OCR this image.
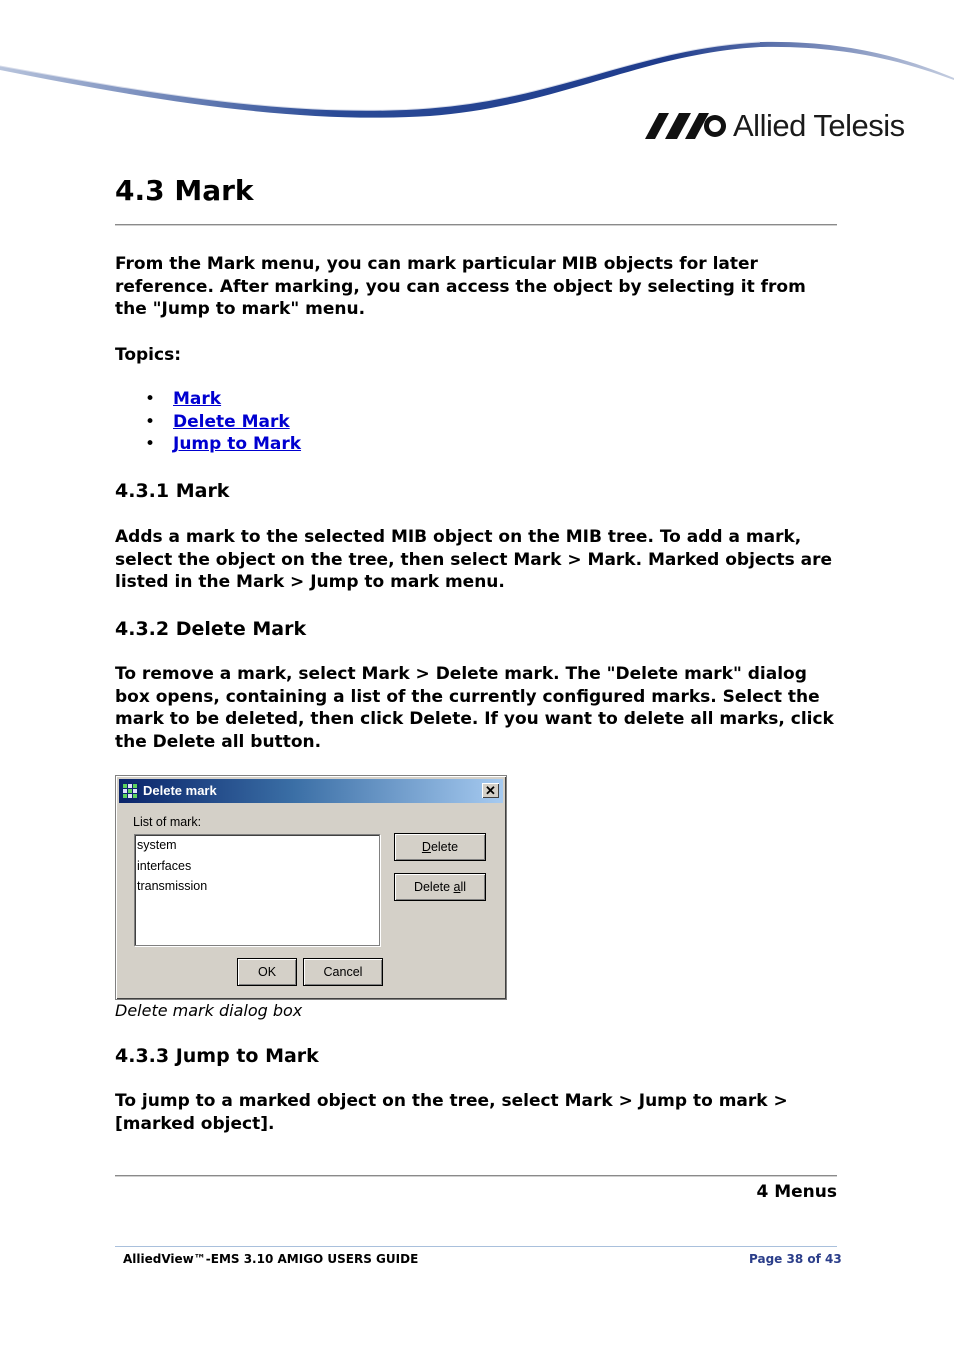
Allied Telesis
4.3 Mark

From the Mark menu, you can mark particular MIB objects for later reference. After marking, you can access the object by selecting it from the "Jump to mark" menu.

Topics:

• Mark
• Delete Mark
• Jump to Mark
4.3.1 Mark

Adds a mark to the selected MIB object on the MIB tree. To add a mark, select the object on the tree, then select Mark > Mark. Marked objects are listed in the Mark > Jump to mark menu.

4.3.2 Delete Mark

To remove a mark, select Mark > Delete mark. The "Delete mark" dialog box opens, containing a list of the currently configured marks. Select the mark to be deleted, then click Delete. If you want to delete all marks, click the Delete all button.

Delete mark	✕
List of mark:
system
interfaces
transmission
Delete
Delete all
OK	Cancel
Delete mark dialog box
4.3.3 Jump to Mark

To jump to a marked object on the tree, select Mark > Jump to mark > [marked object].

4 Menus
AlliedView™-EMS 3.10 AMIGO USERS GUIDE	Page 38 of 43
